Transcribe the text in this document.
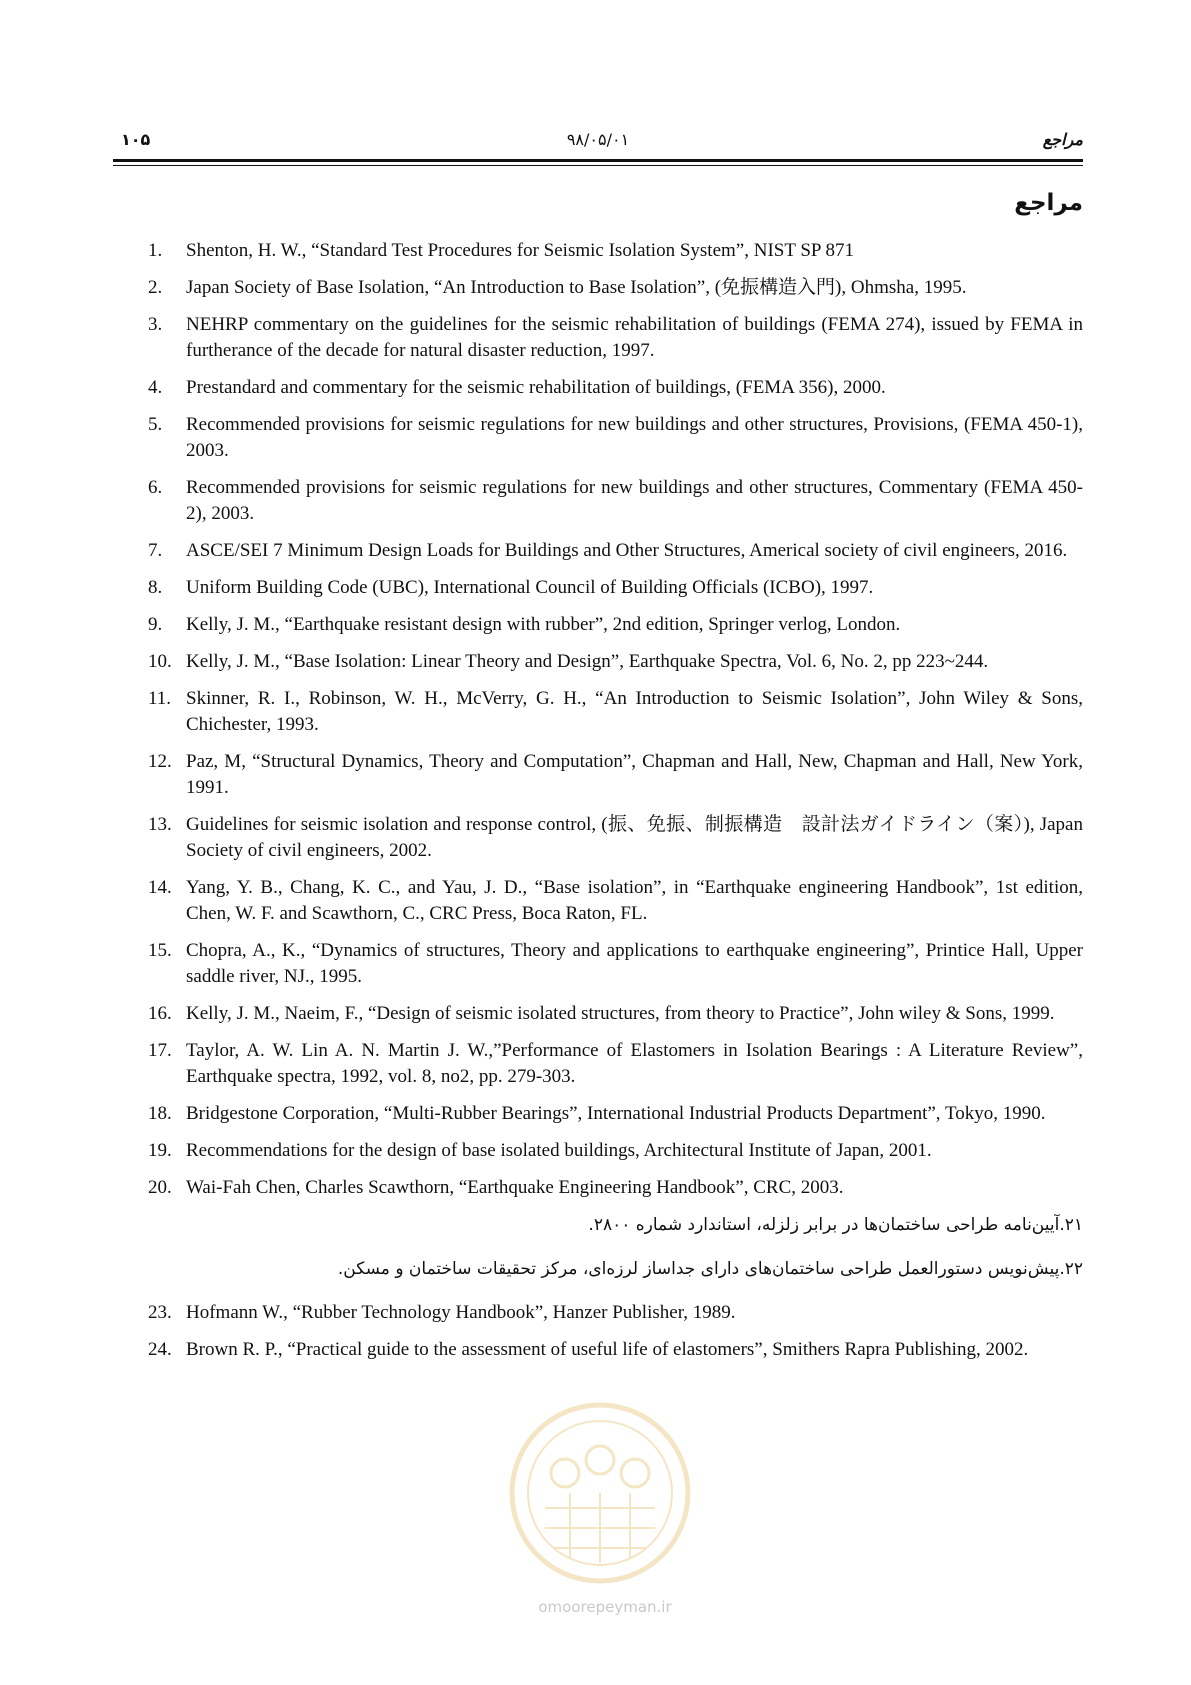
۱۰۵	۹۸/۰۵/۰۱	مراجع
مراجع
1. Shenton, H. W., “Standard Test Procedures for Seismic Isolation System”, NIST SP 871
2. Japan Society of Base Isolation, “An Introduction to Base Isolation”, (免振構造入門), Ohmsha, 1995.
3. NEHRP commentary on the guidelines for the seismic rehabilitation of buildings (FEMA 274), issued by FEMA in furtherance of the decade for natural disaster reduction, 1997.
4. Prestandard and commentary for the seismic rehabilitation of buildings, (FEMA 356), 2000.
5. Recommended provisions for seismic regulations for new buildings and other structures, Provisions, (FEMA 450-1), 2003.
6. Recommended provisions for seismic regulations for new buildings and other structures, Commentary (FEMA 450-2), 2003.
7. ASCE/SEI 7 Minimum Design Loads for Buildings and Other Structures, Americal society of civil engineers, 2016.
8. Uniform Building Code (UBC), International Council of Building Officials (ICBO), 1997.
9. Kelly, J. M., “Earthquake resistant design with rubber”, 2nd edition, Springer verlog, London.
10. Kelly, J. M., “Base Isolation: Linear Theory and Design”, Earthquake Spectra, Vol. 6, No. 2, pp 223~244.
11. Skinner, R. I., Robinson, W. H., McVerry, G. H., “An Introduction to Seismic Isolation”, John Wiley & Sons, Chichester, 1993.
12. Paz, M, “Structural Dynamics, Theory and Computation”, Chapman and Hall, New, Chapman and Hall, New York, 1991.
13. Guidelines for seismic isolation and response control, (振、免振、制振構造　設計法ガイドライン（案）), Japan Society of civil engineers, 2002.
14. Yang, Y. B., Chang, K. C., and Yau, J. D., “Base isolation”, in “Earthquake engineering Handbook”, 1st edition, Chen, W. F. and Scawthorn, C., CRC Press, Boca Raton, FL.
15. Chopra, A., K., “Dynamics of structures, Theory and applications to earthquake engineering”, Printice Hall, Upper saddle river, NJ., 1995.
16. Kelly, J. M., Naeim, F., “Design of seismic isolated structures, from theory to Practice”, John wiley & Sons, 1999.
17. Taylor, A. W. Lin A. N. Martin J. W.,”Performance of Elastomers in Isolation Bearings : A Literature Review”, Earthquake spectra, 1992, vol. 8, no2, pp. 279-303.
18. Bridgestone Corporation, “Multi-Rubber Bearings”, International Industrial Products Department”, Tokyo, 1990.
19. Recommendations for the design of base isolated buildings, Architectural Institute of Japan, 2001.
20. Wai-Fah Chen, Charles Scawthorn, “Earthquake Engineering Handbook”, CRC, 2003.
۲۱.آیین‌نامه طراحی ساختمان‌ها در برابر زلزله، استاندارد شماره ۲۸۰۰.
۲۲.پیش‌نویس دستورالعمل طراحی ساختمان‌های دارای جداساز لرزه‌ای، مرکز تحقیقات ساختمان و مسکن.
23. Hofmann W., “Rubber Technology Handbook”, Hanzer Publisher, 1989.
24. Brown R. P., “Practical guide to the assessment of useful life of elastomers”, Smithers Rapra Publishing, 2002.
omoorepeyman.ir
